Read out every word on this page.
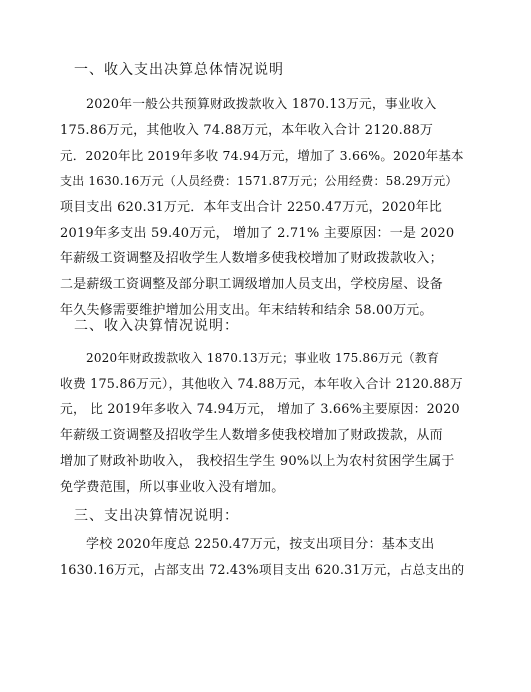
一、收入支出决算总体情况说明
2020年一般公共预算财政拨款收入 1870.13万元，事业收入
175.86万元，其他收入 74.88万元，本年收入合计 2120.88万
元．2020年比 2019年多收 74.94万元，增加了 3.66%。2020年基本
支出 1630.16万元（人员经费：1571.87万元；公用经费：58.29万元）
项目支出 620.31万元．本年支出合计 2250.47万元，2020年比
2019年多支出 59.40万元， 增加了 2.71% 主要原因：一是 2020
年薪级工资调整及招收学生人数增多使我校增加了财政拨款收入；
二是薪级工资调整及部分职工调级增加人员支出，学校房屋、设备
年久失修需要维护增加公用支出。年末结转和结余 58.00万元。
二、收入决算情况说明：
2020年财政拨款收入 1870.13万元；事业收 175.86万元（教育
收费 175.86万元），其他收入 74.88万元，本年收入合计 2120.88万
元， 比 2019年多收入 74.94万元， 增加了 3.66%主要原因：2020
年薪级工资调整及招收学生人数增多使我校增加了财政拨款，从而
增加了财政补助收入， 我校招生学生 90%以上为农村贫困学生属于
免学费范围，所以事业收入没有增加。
三、支出决算情况说明：
学校 2020年度总 2250.47万元，按支出项目分：基本支出
1630.16万元，占部支出 72.43%项目支出 620.31万元，占总支出的
